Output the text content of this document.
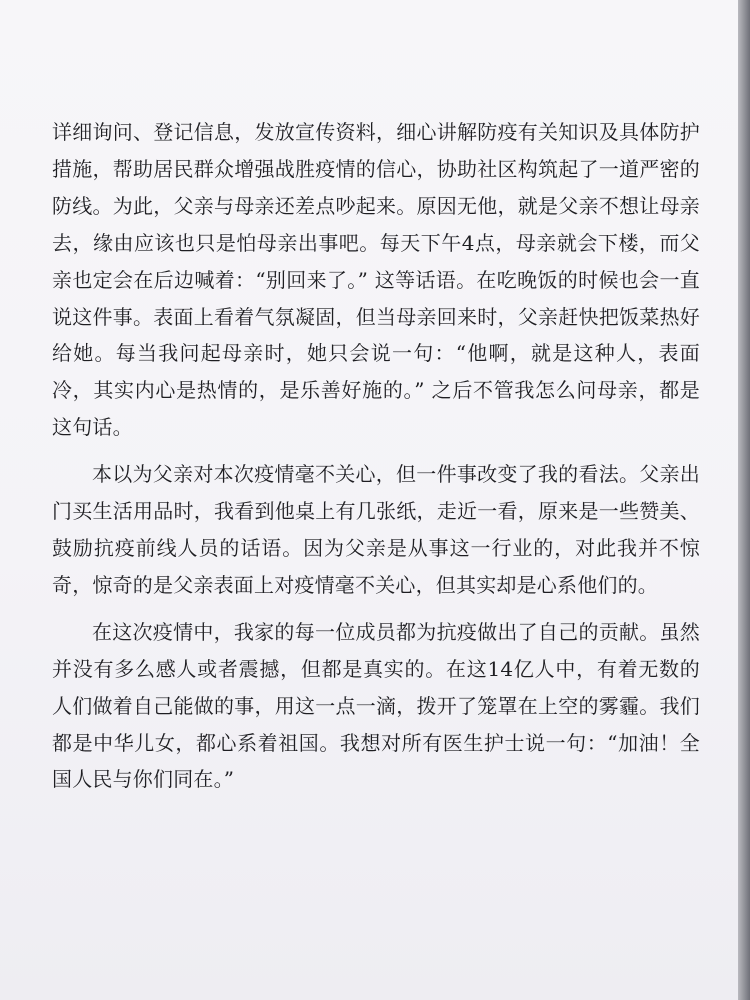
详细询问、登记信息，发放宣传资料，细心讲解防疫有关知识及具体防护措施，帮助居民群众增强战胜疫情的信心，协助社区构筑起了一道严密的防线。为此，父亲与母亲还差点吵起来。原因无他，就是父亲不想让母亲去，缘由应该也只是怕母亲出事吧。每天下午4点，母亲就会下楼，而父亲也定会在后边喊着：“别回来了。” 这等话语。在吃晚饭的时候也会一直说这件事。表面上看着气氛凝固，但当母亲回来时，父亲赶快把饭菜热好给她。每当我问起母亲时，她只会说一句：“他啊，就是这种人，表面冷，其实内心是热情的，是乐善好施的。” 之后不管我怎么问母亲，都是这句话。

本以为父亲对本次疫情毫不关心，但一件事改变了我的看法。父亲出门买生活用品时，我看到他桌上有几张纸，走近一看，原来是一些赞美、鼓励抗疫前线人员的话语。因为父亲是从事这一行业的，对此我并不惊奇，惊奇的是父亲表面上对疫情毫不关心，但其实却是心系他们的。

在这次疫情中，我家的每一位成员都为抗疫做出了自己的贡献。虽然并没有多么感人或者震撼，但都是真实的。在这14亿人中，有着无数的人们做着自己能做的事，用这一点一滴，拨开了笼罩在上空的雾霾。我们都是中华儿女，都心系着祖国。我想对所有医生护士说一句：“加油！全国人民与你们同在。”
